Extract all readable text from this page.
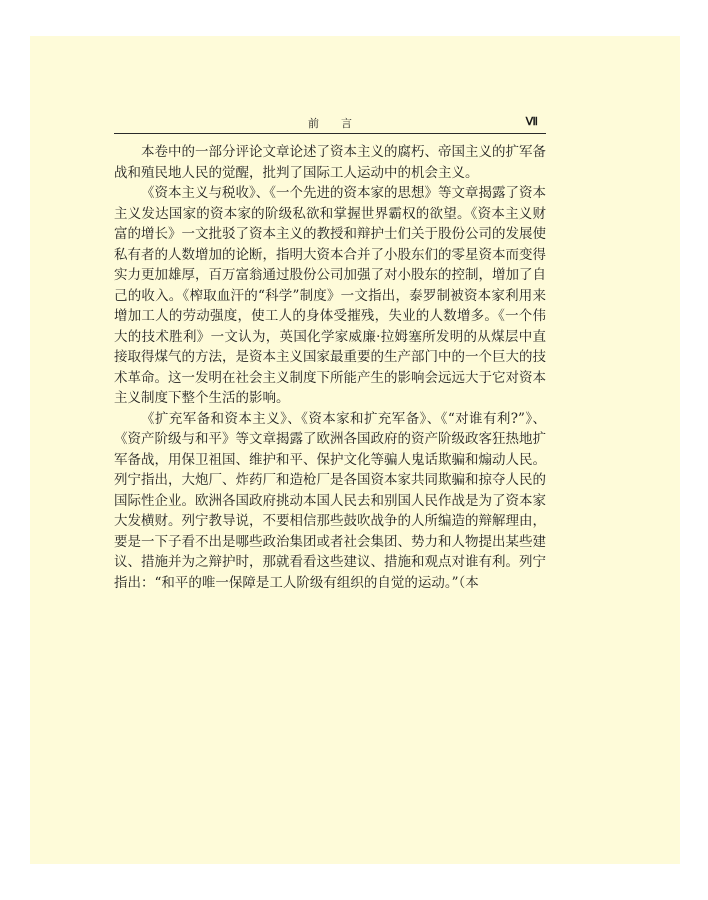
前言	Ⅶ

本卷中的一部分评论文章论述了资本主义的腐朽、帝国主义的扩军备战和殖民地人民的觉醒，批判了国际工人运动中的机会主义。

《资本主义与税收》、《一个先进的资本家的思想》等文章揭露了资本主义发达国家的资本家的阶级私欲和掌握世界霸权的欲望。《资本主义财富的增长》一文批驳了资本主义的教授和辩护士们关于股份公司的发展使私有者的人数增加的论断，指明大资本合并了小股东们的零星资本而变得实力更加雄厚，百万富翁通过股份公司加强了对小股东的控制，增加了自己的收入。《榨取血汗的“科学”制度》一文指出，泰罗制被资本家利用来增加工人的劳动强度，使工人的身体受摧残，失业的人数增多。《一个伟大的技术胜利》一文认为，英国化学家威廉·拉姆塞所发明的从煤层中直接取得煤气的方法，是资本主义国家最重要的生产部门中的一个巨大的技术革命。这一发明在社会主义制度下所能产生的影响会远远大于它对资本主义制度下整个生活的影响。

《扩充军备和资本主义》、《资本家和扩充军备》、《“对谁有利?”》、《资产阶级与和平》等文章揭露了欧洲各国政府的资产阶级政客狂热地扩军备战，用保卫祖国、维护和平、保护文化等骗人鬼话欺骗和煽动人民。列宁指出，大炮厂、炸药厂和造枪厂是各国资本家共同欺骗和掠夺人民的国际性企业。欧洲各国政府挑动本国人民去和别国人民作战是为了资本家大发横财。列宁教导说，不要相信那些鼓吹战争的人所编造的辩解理由，要是一下子看不出是哪些政治集团或者社会集团、势力和人物提出某些建议、措施并为之辩护时，那就看看这些建议、措施和观点对谁有利。列宁指出：“和平的唯一保障是工人阶级有组织的自觉的运动。”（本
